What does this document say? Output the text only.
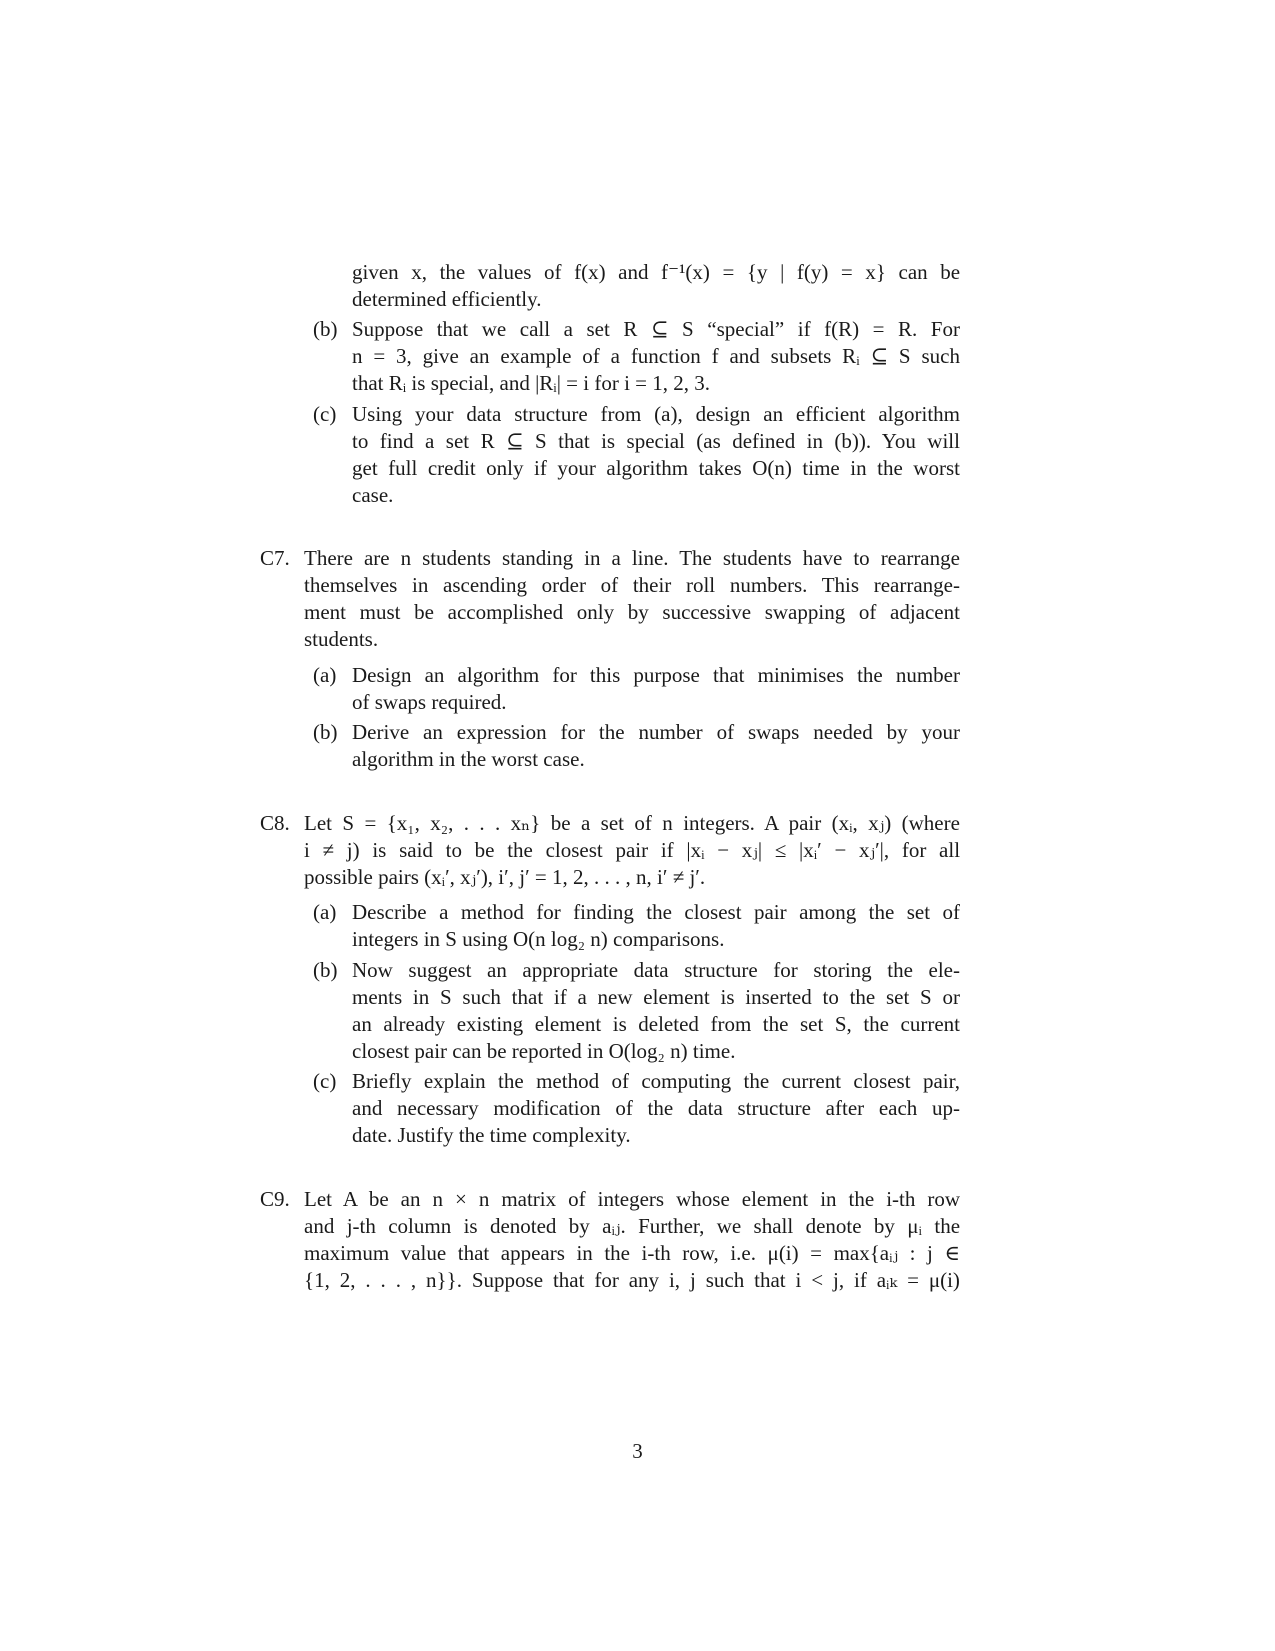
given x, the values of f(x) and f⁻¹(x) = {y | f(y) = x} can be
determined efficiently.
(b) Suppose that we call a set R ⊆ S “special” if f(R) = R. For
n = 3, give an example of a function f and subsets Rᵢ ⊆ S such
that Rᵢ is special, and |Rᵢ| = i for i = 1, 2, 3.
(c) Using your data structure from (a), design an efficient algorithm
to find a set R ⊆ S that is special (as defined in (b)). You will
get full credit only if your algorithm takes O(n) time in the worst
case.
C7. There are n students standing in a line. The students have to rearrange
themselves in ascending order of their roll numbers. This rearrange-
ment must be accomplished only by successive swapping of adjacent
students.
(a) Design an algorithm for this purpose that minimises the number
of swaps required.
(b) Derive an expression for the number of swaps needed by your
algorithm in the worst case.
C8. Let S = {x₁, x₂, . . . xₙ} be a set of n integers. A pair (xᵢ, xⱼ) (where
i ≠ j) is said to be the closest pair if |xᵢ − xⱼ| ≤ |xᵢ′ − xⱼ′|, for all
possible pairs (xᵢ′, xⱼ′), i′, j′ = 1, 2, . . . , n, i′ ≠ j′.
(a) Describe a method for finding the closest pair among the set of
integers in S using O(n log₂ n) comparisons.
(b) Now suggest an appropriate data structure for storing the ele-
ments in S such that if a new element is inserted to the set S or
an already existing element is deleted from the set S, the current
closest pair can be reported in O(log₂ n) time.
(c) Briefly explain the method of computing the current closest pair,
and necessary modification of the data structure after each up-
date. Justify the time complexity.
C9. Let A be an n × n matrix of integers whose element in the i-th row
and j-th column is denoted by aᵢⱼ. Further, we shall denote by μᵢ the
maximum value that appears in the i-th row, i.e. μ(i) = max{aᵢⱼ : j ∈
{1, 2, . . . , n}}. Suppose that for any i, j such that i < j, if aᵢₖ = μ(i)
3
